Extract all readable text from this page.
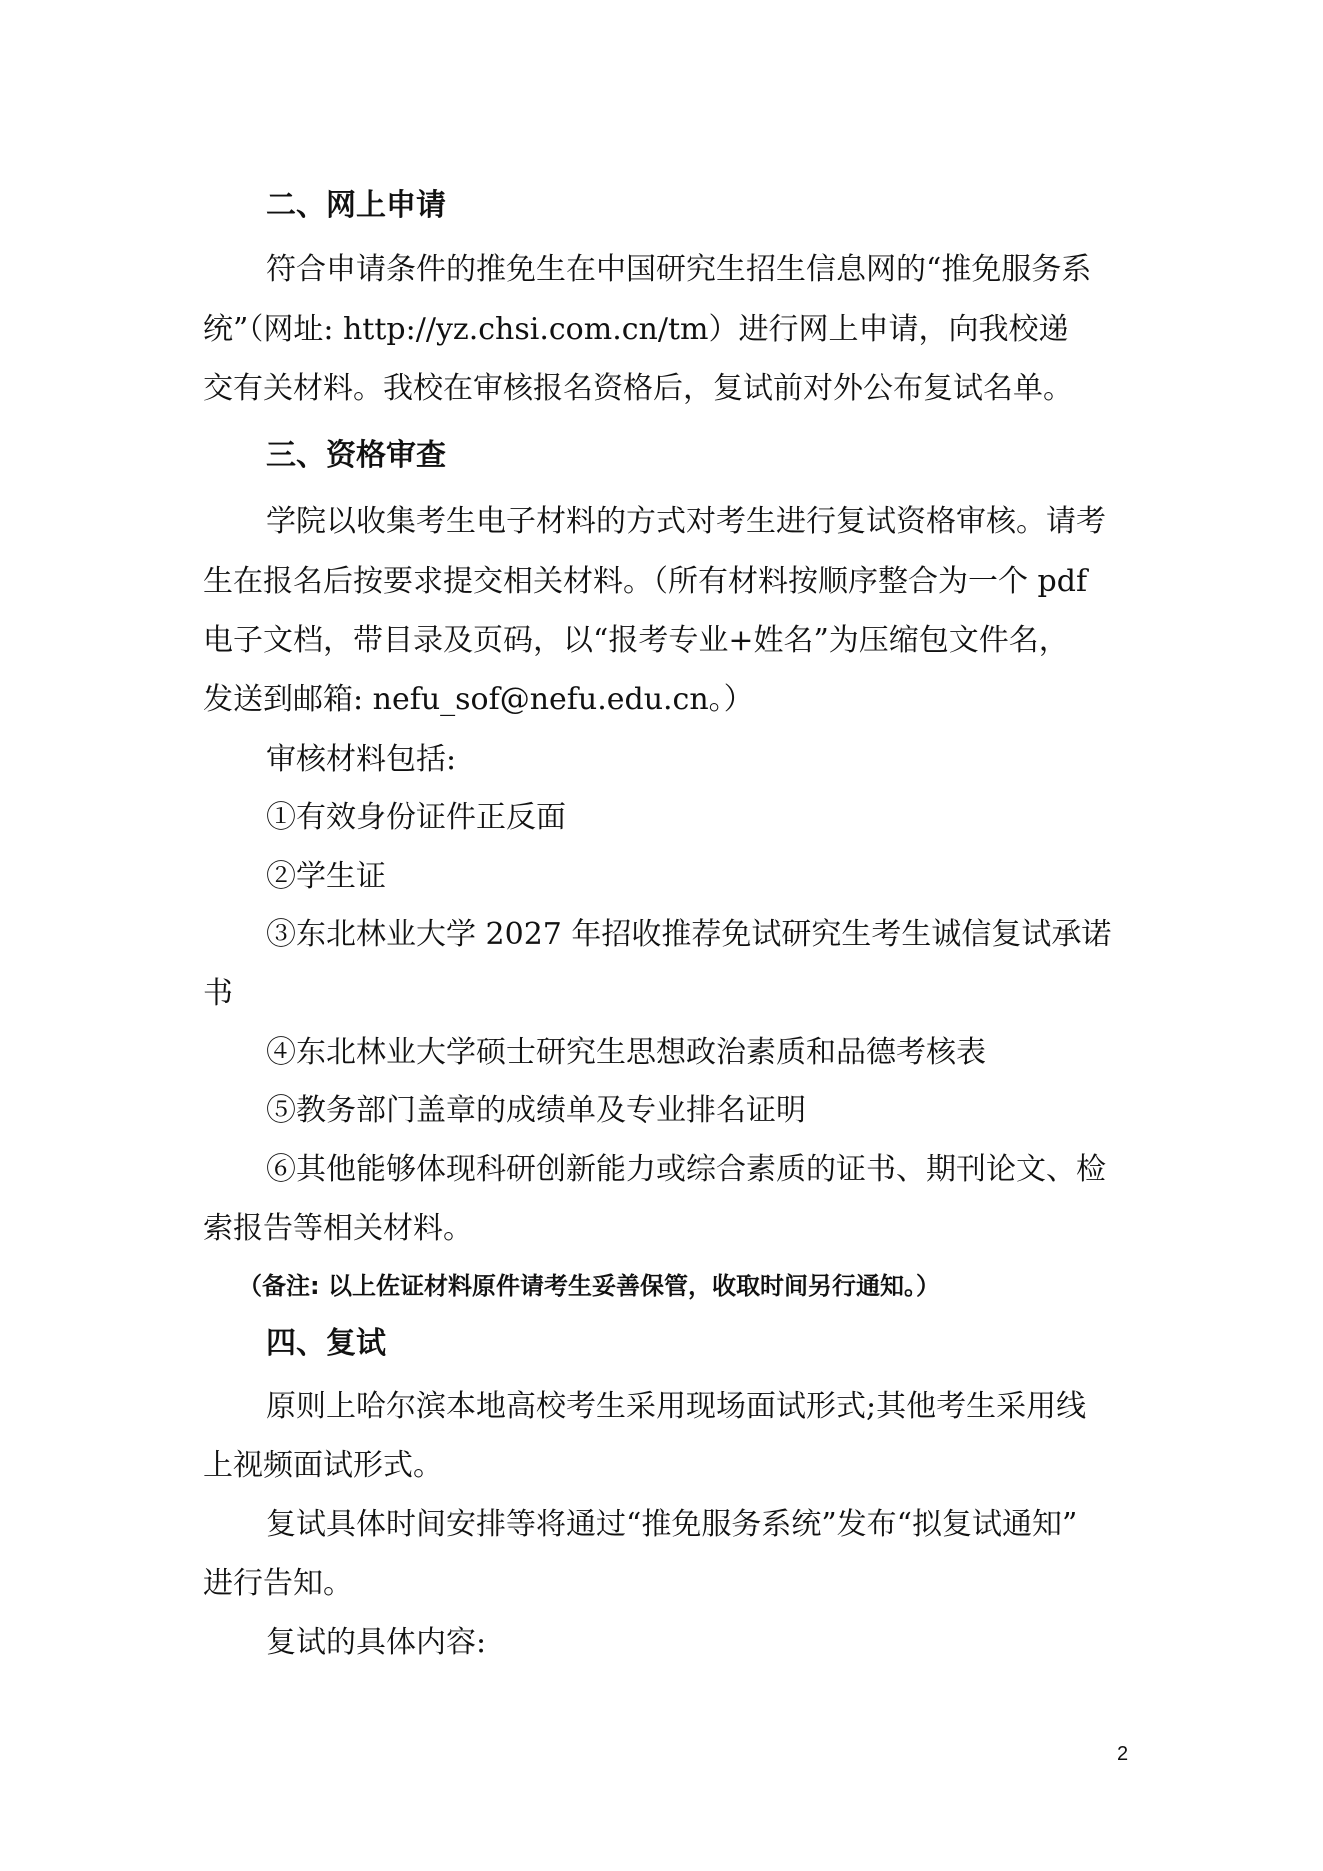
二、网上申请
符合申请条件的推免生在中国研究生招生信息网的“推免服务系
统”（网址: http://yz.chsi.com.cn/tm）进行网上申请，向我校递
交有关材料。我校在审核报名资格后，复试前对外公布复试名单。
三、资格审查
学院以收集考生电子材料的方式对考生进行复试资格审核。请考
生在报名后按要求提交相关材料。（所有材料按顺序整合为一个 pdf
电子文档，带目录及页码，以“报考专业+姓名”为压缩包文件名，
发送到邮箱: nefu_sof@nefu.edu.cn。）
审核材料包括:
①有效身份证件正反面
②学生证
③东北林业大学 2027 年招收推荐免试研究生考生诚信复试承诺
书
④东北林业大学硕士研究生思想政治素质和品德考核表
⑤教务部门盖章的成绩单及专业排名证明
⑥其他能够体现科研创新能力或综合素质的证书、期刊论文、检
索报告等相关材料。
（备注: 以上佐证材料原件请考生妥善保管，收取时间另行通知。）
四、复试
原则上哈尔滨本地高校考生采用现场面试形式;其他考生采用线
上视频面试形式。
复试具体时间安排等将通过“推免服务系统”发布“拟复试通知”
进行告知。
复试的具体内容:
2
